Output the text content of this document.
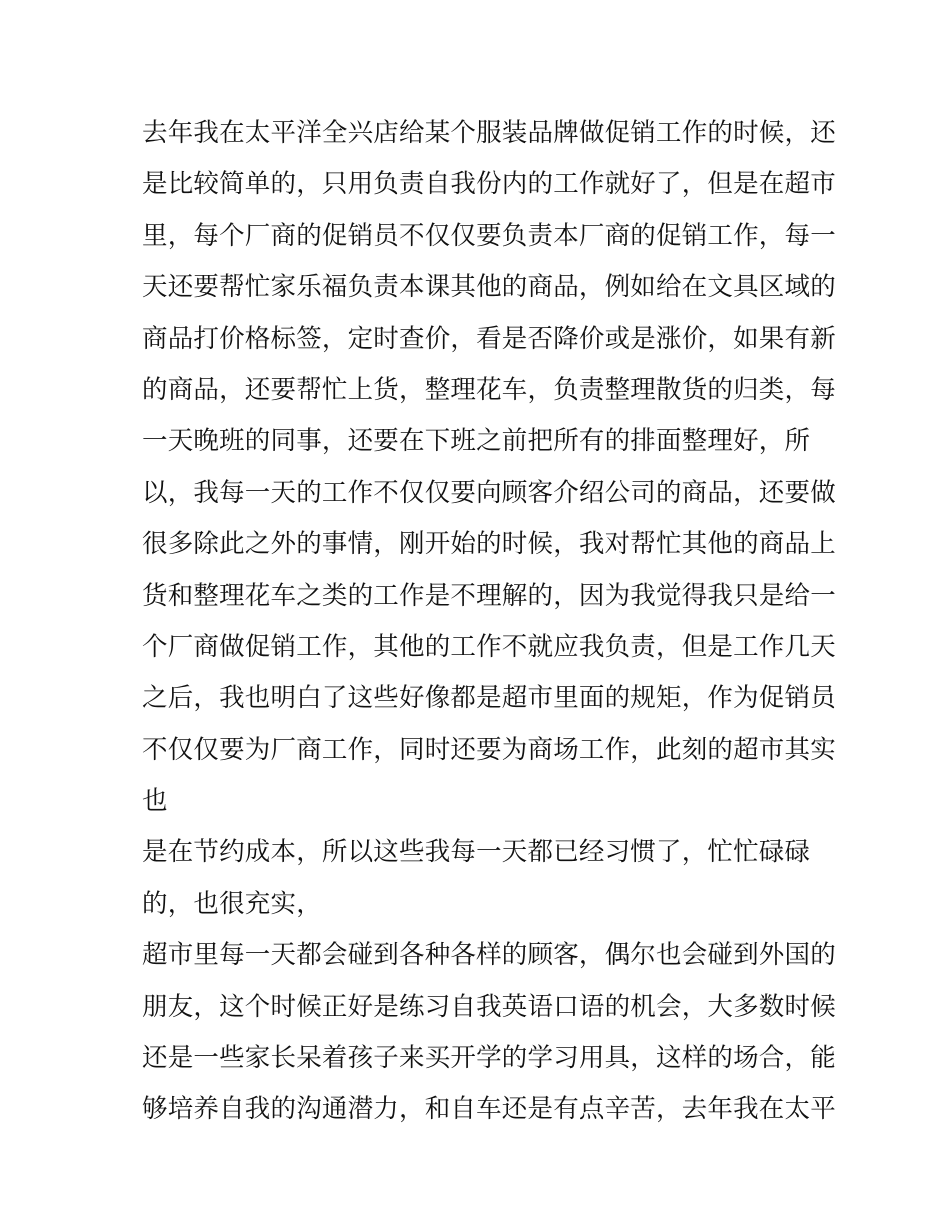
去年我在太平洋全兴店给某个服装品牌做促销工作的时候，还
是比较简单的，只用负责自我份内的工作就好了，但是在超市
里，每个厂商的促销员不仅仅要负责本厂商的促销工作，每一
天还要帮忙家乐福负责本课其他的商品，例如给在文具区域的
商品打价格标签，定时查价，看是否降价或是涨价，如果有新
的商品，还要帮忙上货，整理花车，负责整理散货的归类，每
一天晚班的同事，还要在下班之前把所有的排面整理好，所
以，我每一天的工作不仅仅要向顾客介绍公司的商品，还要做
很多除此之外的事情，刚开始的时候，我对帮忙其他的商品上
货和整理花车之类的工作是不理解的，因为我觉得我只是给一
个厂商做促销工作，其他的工作不就应我负责，但是工作几天
之后，我也明白了这些好像都是超市里面的规矩，作为促销员
不仅仅要为厂商工作，同时还要为商场工作，此刻的超市其实
也
是在节约成本，所以这些我每一天都已经习惯了，忙忙碌碌
的，也很充实，
超市里每一天都会碰到各种各样的顾客，偶尔也会碰到外国的
朋友，这个时候正好是练习自我英语口语的机会，大多数时候
还是一些家长呆着孩子来买开学的学习用具，这样的场合，能
够培养自我的沟通潜力，和自车还是有点辛苦，去年我在太平
